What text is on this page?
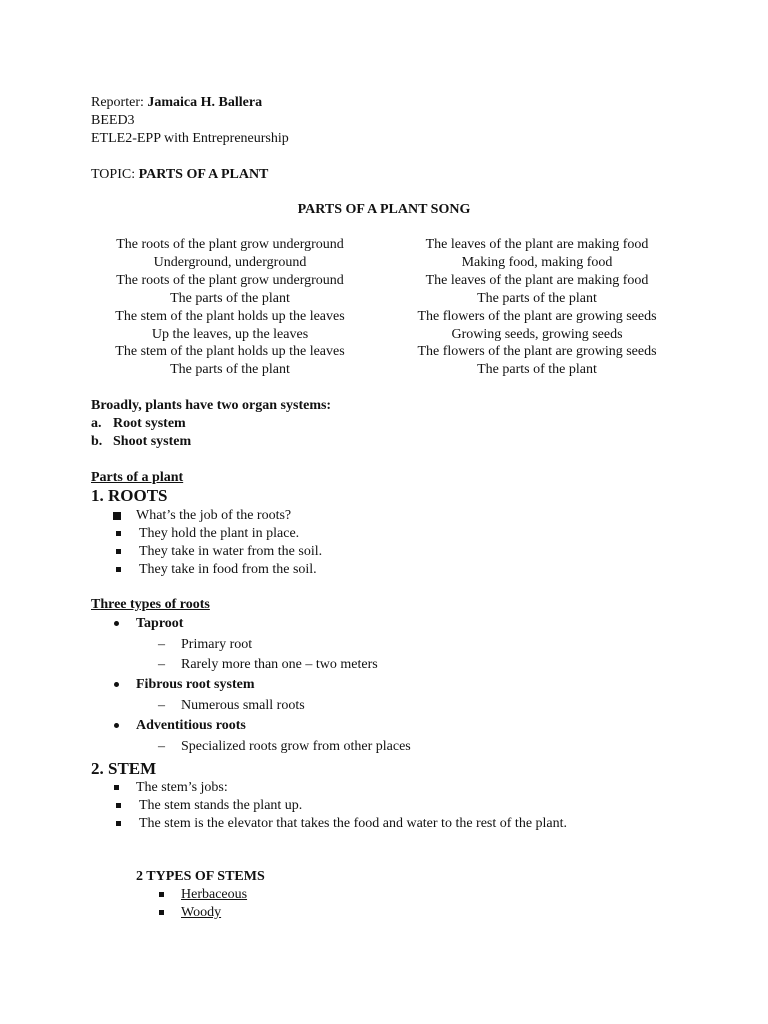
Reporter: Jamaica H. Ballera
BEED3
ETLE2-EPP with Entrepreneurship
TOPIC: PARTS OF A PLANT
PARTS OF A PLANT SONG
The roots of the plant grow underground
Underground, underground
The roots of the plant grow underground
The parts of the plant
The stem of the plant holds up the leaves
Up the leaves, up the leaves
The stem of the plant holds up the leaves
The parts of the plant
The leaves of the plant are making food
Making food, making food
The leaves of the plant are making food
The parts of the plant
The flowers of the plant are growing seeds
Growing seeds, growing seeds
The flowers of the plant are growing seeds
The parts of the plant
Broadly, plants have two organ systems:
a. Root system
b. Shoot system
Parts of a plant
1. ROOTS
What’s the job of the roots?
They hold the plant in place.
They take in water from the soil.
They take in food from the soil.
Three types of roots
Taproot
– Primary root
– Rarely more than one – two meters
Fibrous root system
– Numerous small roots
Adventitious roots
– Specialized roots grow from other places
2. STEM
The stem’s jobs:
The stem stands the plant up.
The stem is the elevator that takes the food and water to the rest of the plant.
2 TYPES OF STEMS
Herbaceous
Woody
